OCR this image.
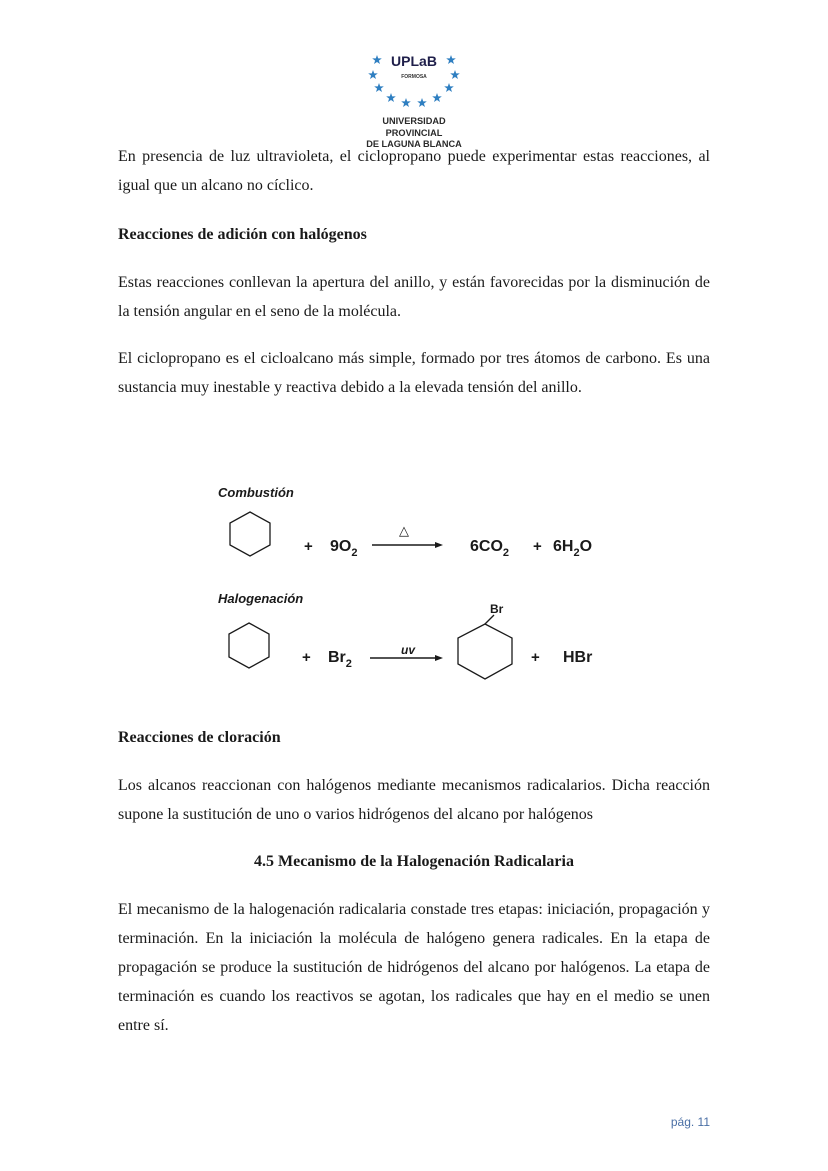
UPLaB
FORMOSA
UNIVERSIDAD PROVINCIAL
DE LAGUNA BLANCA

En presencia de luz ultravioleta, el ciclopropano puede experimentar estas reacciones, al igual que un alcano no cíclico.

Reacciones de adición con halógenos

Estas reacciones conllevan la apertura del anillo, y están favorecidas por la disminución de la tensión angular en el seno de la molécula.

El ciclopropano es el cicloalcano más simple, formado por tres átomos de carbono. Es una sustancia muy inestable y reactiva debido a la elevada tensión del anillo.

Combustión
+ $9O_2$
△
$6CO_2 + 6H_2O$
Halogenación
+ $Br_2$
uv
Br
+ HBr

Reacciones de cloración

Los alcanos reaccionan con halógenos mediante mecanismos radicalarios. Dicha reacción supone la sustitución de uno o varios hidrógenos del alcano por halógenos

4.5 Mecanismo de la Halogenación Radicalaria

El mecanismo de la halogenación radicalaria constade tres etapas: iniciación, propagación y terminación. En la iniciación la molécula de halógeno genera radicales. En la etapa de propagación se produce la sustitución de hidrógenos del alcano por halógenos. La etapa de terminación es cuando los reactivos se agotan, los radicales que hay en el medio se unen entre sí.

pág. 11
